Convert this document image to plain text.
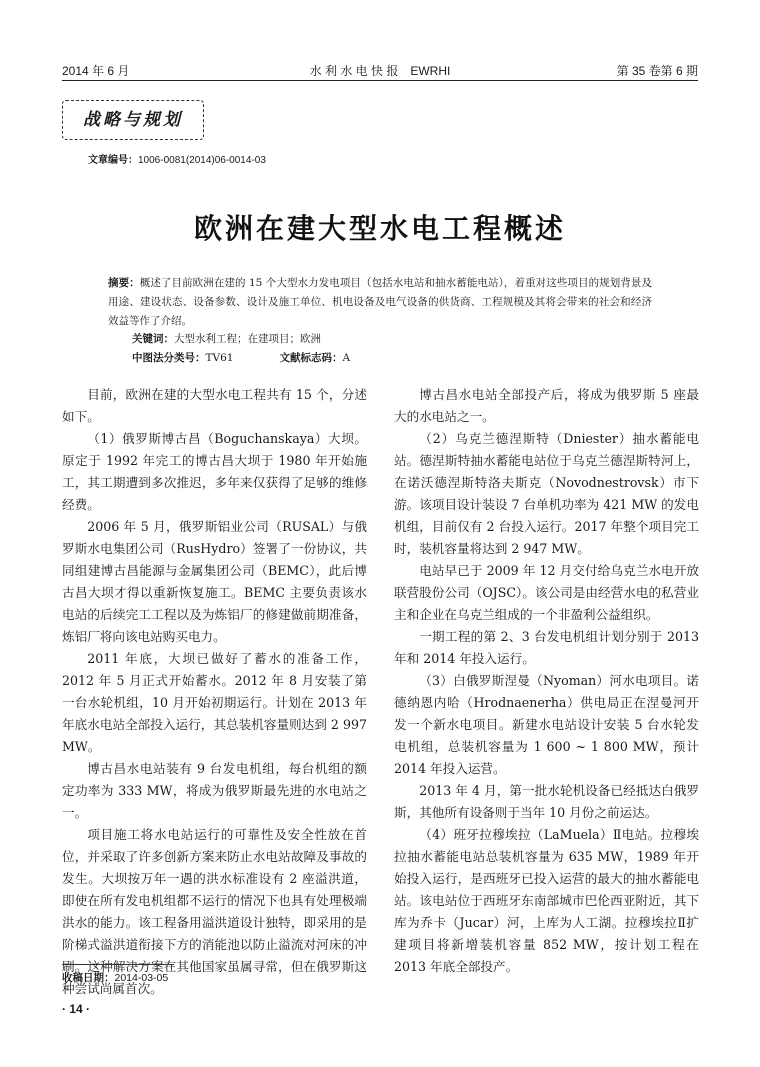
2014 年 6 月	水 利 水 电 快 报　EWRHI	第 35 卷第 6 期
战略与规划
文章编号：1006-0081(2014)06-0014-03
欧洲在建大型水电工程概述
摘要：概述了目前欧洲在建的 15 个大型水力发电项目（包括水电站和抽水蓄能电站），着重对这些项目的规划背景及用途、建设状态、设备参数、设计及施工单位、机电设备及电气设备的供货商、工程规模及其将会带来的社会和经济效益等作了介绍。
关键词：大型水利工程；在建项目；欧洲
中图法分类号：TV61	文献标志码：A

目前，欧洲在建的大型水电工程共有 15 个，分述如下。

（1）俄罗斯博古昌（Boguchanskaya）大坝。原定于 1992 年完工的博古昌大坝于 1980 年开始施工，其工期遭到多次推迟，多年来仅获得了足够的维修经费。

2006 年 5 月，俄罗斯铝业公司（RUSAL）与俄罗斯水电集团公司（RusHydro）签署了一份协议，共同组建博古昌能源与金属集团公司（BEMC），此后博古昌大坝才得以重新恢复施工。BEMC 主要负责该水电站的后续完工工程以及为炼铝厂的修建做前期准备，炼铝厂将向该电站购买电力。

2011 年底，大坝已做好了蓄水的准备工作，2012 年 5 月正式开始蓄水。2012 年 8 月安装了第一台水轮机组，10 月开始初期运行。计划在 2013 年年底水电站全部投入运行，其总装机容量则达到 2 997 MW。

博古昌水电站装有 9 台发电机组，每台机组的额定功率为 333 MW，将成为俄罗斯最先进的水电站之一。

项目施工将水电站运行的可靠性及安全性放在首位，并采取了许多创新方案来防止水电站故障及事故的发生。大坝按万年一遇的洪水标准设有 2 座溢洪道，即使在所有发电机组都不运行的情况下也具有处理极端洪水的能力。该工程备用溢洪道设计独特，即采用的是阶梯式溢洪道衔接下方的消能池以防止溢流对河床的冲刷。这种解决方案在其他国家虽属寻常，但在俄罗斯这种尝试尚属首次。

博古昌水电站全部投产后，将成为俄罗斯 5 座最大的水电站之一。

（2）乌克兰德涅斯特（Dniester）抽水蓄能电站。德涅斯特抽水蓄能电站位于乌克兰德涅斯特河上，在诺沃德涅斯特洛夫斯克（Novodnestrovsk）市下游。该项目设计装设 7 台单机功率为 421 MW 的发电机组，目前仅有 2 台投入运行。2017 年整个项目完工时，装机容量将达到 2 947 MW。

电站早已于 2009 年 12 月交付给乌克兰水电开放联营股份公司（OJSC）。该公司是由经营水电的私营业主和企业在乌克兰组成的一个非盈利公益组织。

一期工程的第 2、3 台发电机组计划分别于 2013 年和 2014 年投入运行。

（3）白俄罗斯涅曼（Nyoman）河水电项目。诺德纳恩内哈（Hrodnaenerha）供电局正在涅曼河开发一个新水电项目。新建水电站设计安装 5 台水轮发电机组，总装机容量为 1 600 ~ 1 800 MW，预计 2014 年投入运营。

2013 年 4 月，第一批水轮机设备已经抵达白俄罗斯，其他所有设备则于当年 10 月份之前运达。

（4）班牙拉穆埃拉（LaMuela）Ⅱ电站。拉穆埃拉抽水蓄能电站总装机容量为 635 MW，1989 年开始投入运行，是西班牙已投入运营的最大的抽水蓄能电站。该电站位于西班牙东南部城市巴伦西亚附近，其下库为乔卡（Jucar）河，上库为人工湖。拉穆埃拉Ⅱ扩建项目将新增装机容量 852 MW，按计划工程在 2013 年底全部投产。

收稿日期：2014-03-05
· 14 ·
